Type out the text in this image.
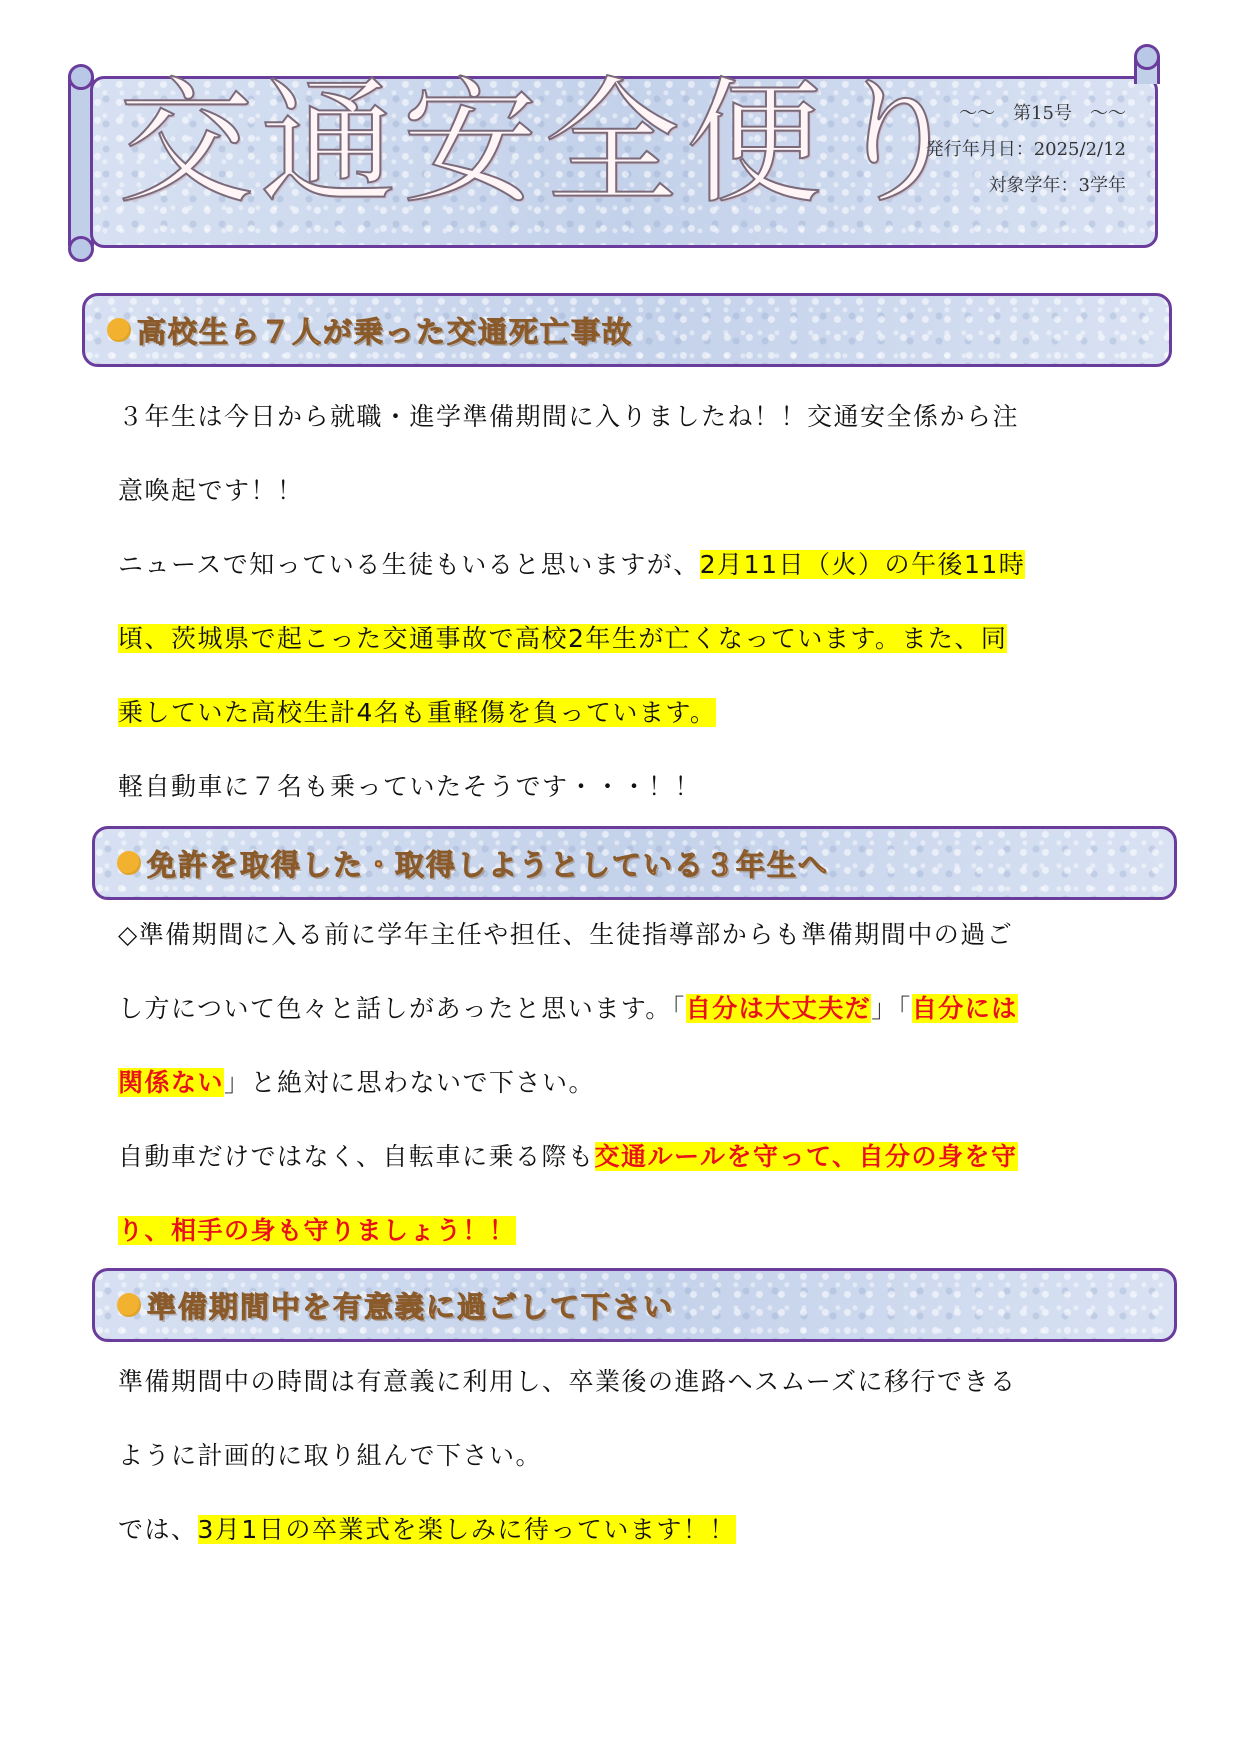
交通安全便り
〜〜　第15号　〜〜
発行年月日：2025/2/12
対象学年：3学年
高校生ら７人が乗った交通死亡事故
３年生は今日から就職・進学準備期間に入りましたね！！交通安全係から注
意喚起です！！
ニュースで知っている生徒もいると思いますが、2月11日（火）の午後11時
頃、茨城県で起こった交通事故で高校2年生が亡くなっています。また、同
乗していた高校生計4名も重軽傷を負っています。
軽自動車に７名も乗っていたそうです・・・！！
免許を取得した・取得しようとしている３年生へ
◇準備期間に入る前に学年主任や担任、生徒指導部からも準備期間中の過ご
し方について色々と話しがあったと思います。「自分は大丈夫だ」「自分には
関係ない」と絶対に思わないで下さい。
自動車だけではなく、自転車に乗る際も交通ルールを守って、自分の身を守
り、相手の身も守りましょう！！
準備期間中を有意義に過ごして下さい
準備期間中の時間は有意義に利用し、卒業後の進路へスムーズに移行できる
ように計画的に取り組んで下さい。
では、3月1日の卒業式を楽しみに待っています！！
